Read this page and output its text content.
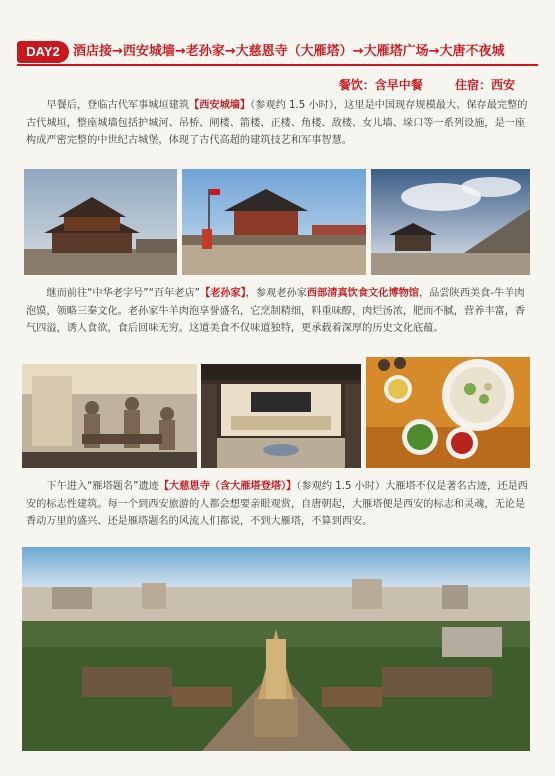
DAY2	酒店接→西安城墙→老孙家→大慈恩寺（大雁塔）→大雁塔广场→大唐不夜城
餐饮：含早中餐	住宿：西安

早餐后，登临古代军事城垣建筑【西安城墙】（参观约 1.5 小时），这里是中国现存规模最大、保存最完整的古代城垣，整座城墙包括护城河、吊桥、闸楼、箭楼、正楼、角楼、敌楼、女儿墙、垛口等一系列设施，是一座构成严密完整的中世纪古城堡，体现了古代高超的建筑技艺和军事智慧。

继而前往“中华老字号”“百年老店”【老孙家】，参观老孙家西部清真饮食文化博物馆，品尝陕西美食-牛羊肉泡馍，领略三秦文化。老孙家牛羊肉泡享誉盛名，它烹制精细，料重味醇，肉烂汤浓，肥而不腻，营养丰富，香气四溢，诱人食欲，食后回味无穷。这道美食不仅味道独特，更承载着深厚的历史文化底蕴。

下午进入“雁塔题名”遗迹【大慈恩寺（含大雁塔登塔）】（参观约 1.5 小时）大雁塔不仅是著名古迹，还是西安的标志性建筑。每一个到西安旅游的人都会想要亲眼观赏，自唐朝起，大雁塔便是西安的标志和灵魂，无论是香动万里的盛兴、还是雁塔题名的风流人们都说，不到大雁塔，不算到西安。
